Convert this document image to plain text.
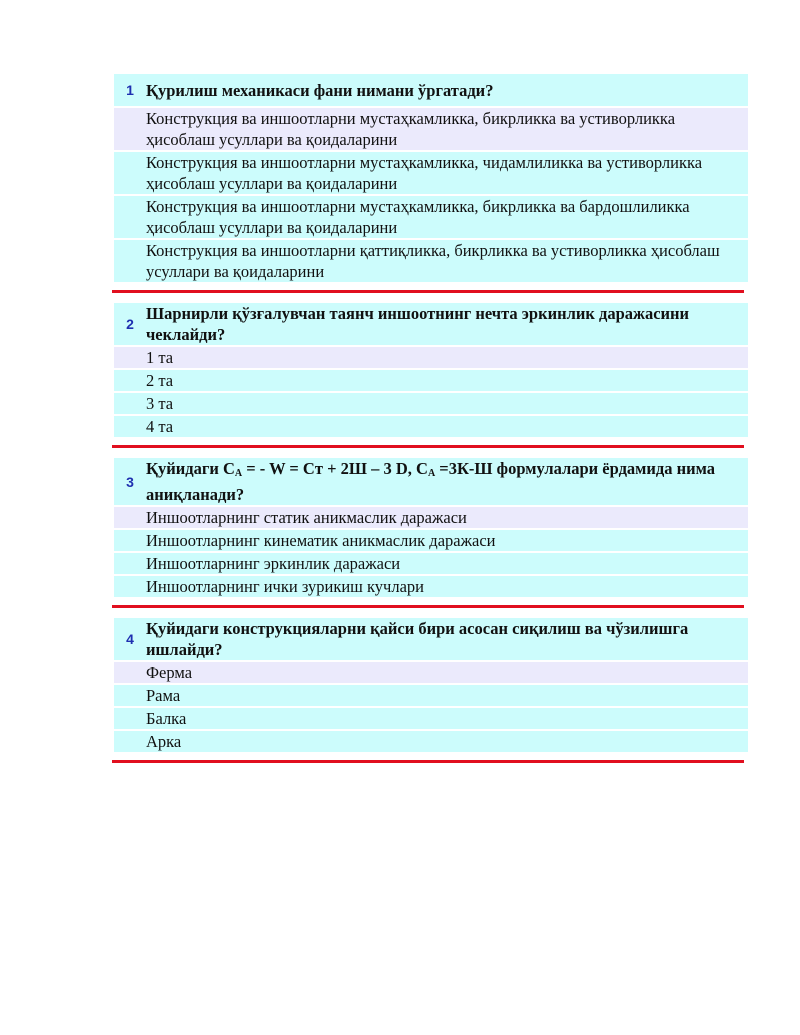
1	Қурилиш механикаси фани нимани ўргатади?
	Конструкция ва иншоотларни мустаҳкамликка, бикрликка ва устиворликка ҳисоблаш усуллари ва қоидаларини
	Конструкция ва иншоотларни мустаҳкамликка, чидамлиликка ва устиворликка ҳисоблаш усуллари ва қоидаларини
	Конструкция ва иншоотларни мустаҳкамликка, бикрликка ва бардошлиликка ҳисоблаш усуллари ва қоидаларини
	Конструкция ва иншоотларни қаттиқликка, бикрликка ва устиворликка ҳисоблаш усуллари ва қоидаларини
2	Шарнирли қўзғалувчан таянч иншоотнинг нечта эркинлик даражасини чеклайди?
	1 та
	2 та
	3 та
	4 та
3	Қуйидаги $C_A$ = - W = Cт + 2Ш – 3 D, $C_A =3К-Ш$ формулалари ёрдамида нима аниқланади?
	Иншоотларнинг статик аникмаслик даражаси
	Иншоотларнинг кинематик аникмаслик даражаси
	Иншоотларнинг эркинлик даражаси
	Иншоотларнинг ички зурикиш кучлари
4	Қуйидаги конструкцияларни қайси бири асосан сиқилиш ва чўзилишга ишлайди?
	Ферма
	Рама
	Балка
	Арка
